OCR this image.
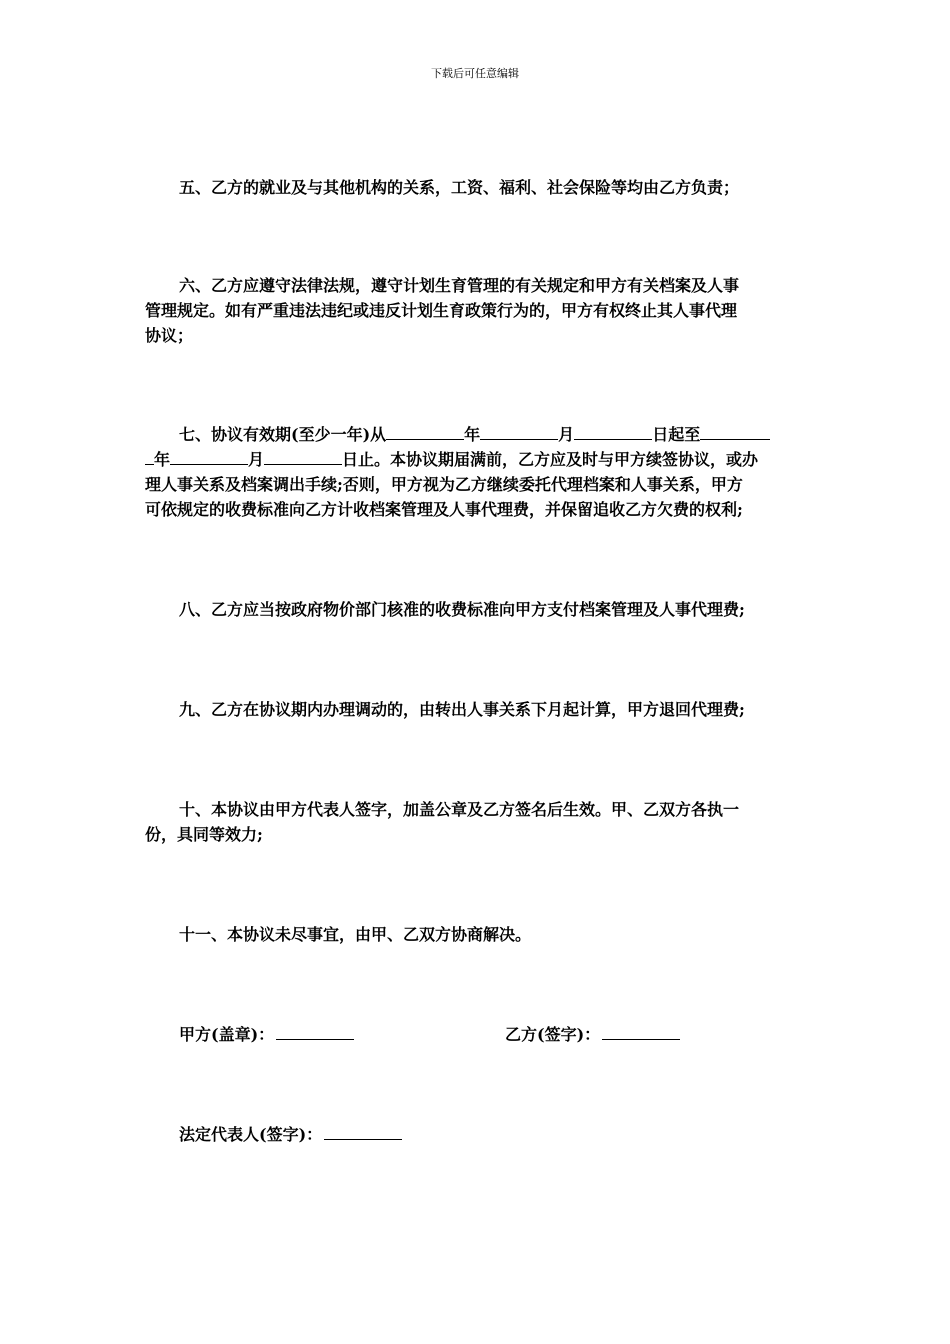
下载后可任意编辑
五、乙方的就业及与其他机构的关系，工资、福利、社会保险等均由乙方负责；
六、乙方应遵守法律法规，遵守计划生育管理的有关规定和甲方有关档案及人事
管理规定。如有严重违法违纪或违反计划生育政策行为的，甲方有权终止其人事代理
协议；
七、协议有效期(至少一年)从	年	月	日起至
年	月	日止。本协议期届满前，乙方应及时与甲方续签协议，或办
理人事关系及档案调出手续;否则，甲方视为乙方继续委托代理档案和人事关系，甲方
可依规定的收费标准向乙方计收档案管理及人事代理费，并保留追收乙方欠费的权利;
八、乙方应当按政府物价部门核准的收费标准向甲方支付档案管理及人事代理费;
九、乙方在协议期内办理调动的，由转出人事关系下月起计算，甲方退回代理费;
十、本协议由甲方代表人签字，加盖公章及乙方签名后生效。甲、乙双方各执一
份，具同等效力;
十一、本协议未尽事宜，由甲、乙双方协商解决。
甲方(盖章)：	乙方(签字)：
法定代表人(签字)：
